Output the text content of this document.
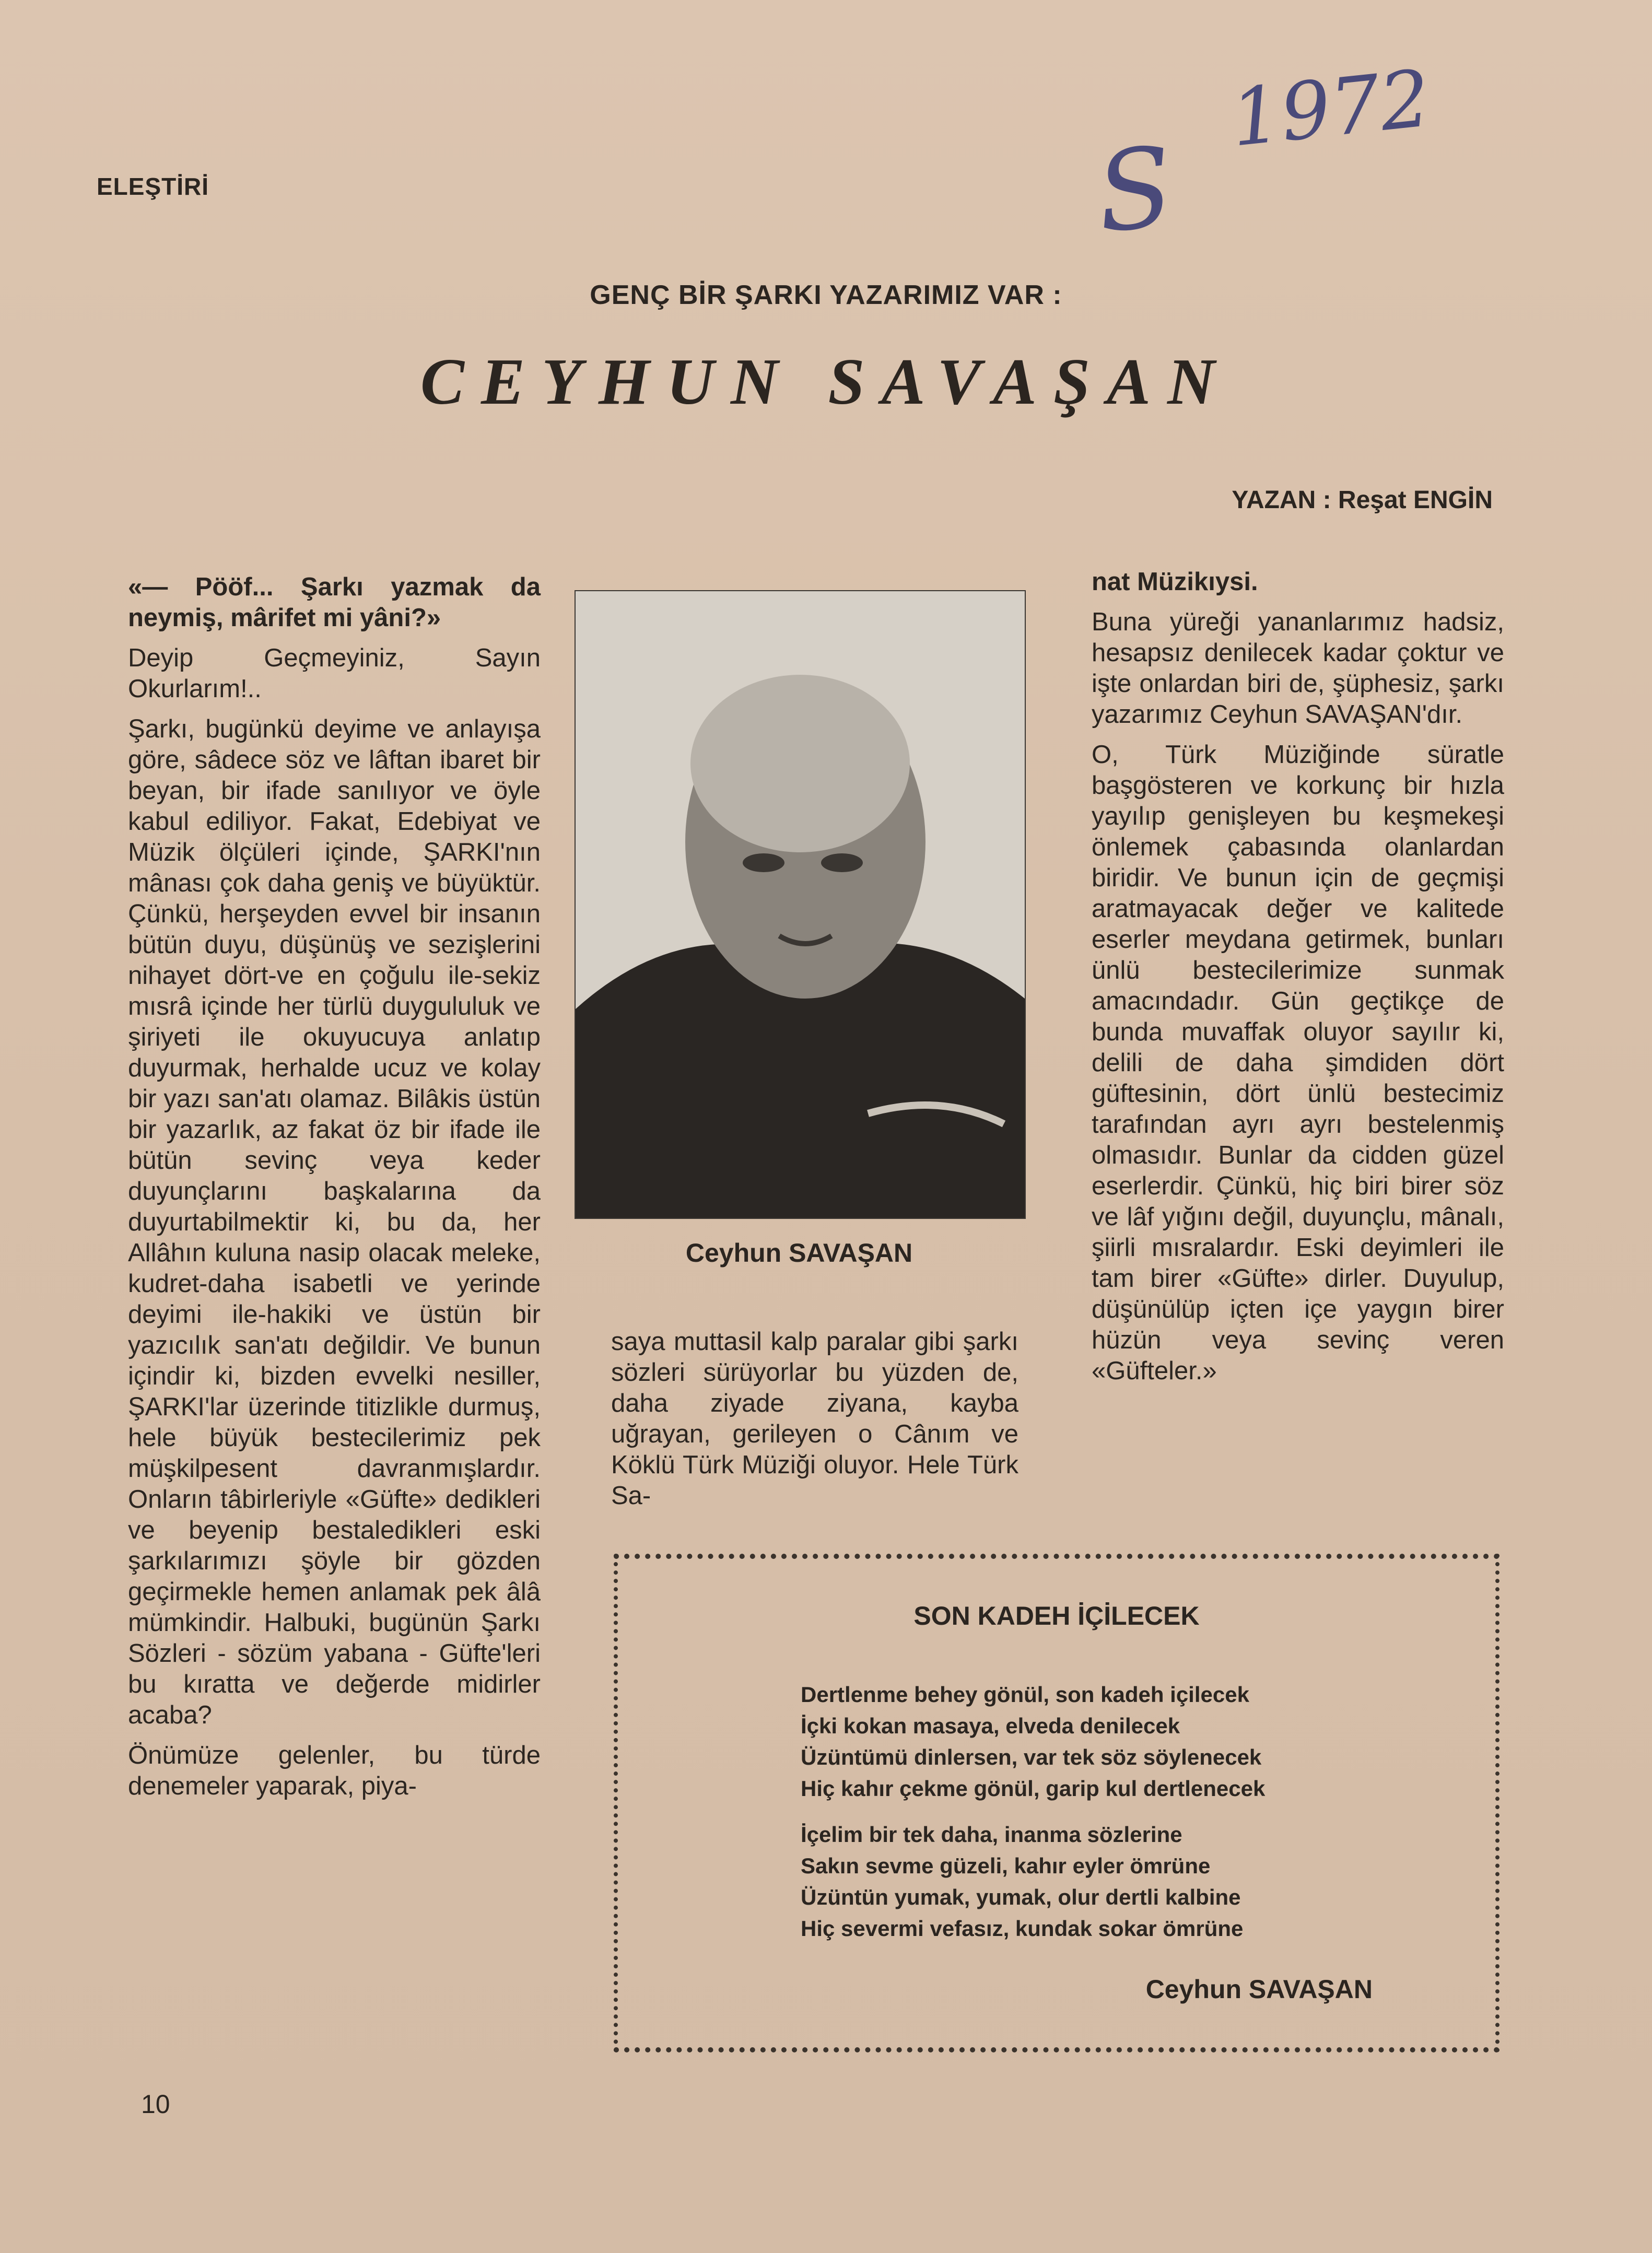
ELEŞTİRİ	S
1972
GENÇ BİR ŞARKI YAZARIMIZ VAR :
CEYHUN SAVAŞAN
YAZAN : Reşat ENGİN

«— Pööf... Şarkı yazmak da neymiş, mârifet mi yâni?»

Deyip Geçmeyiniz, Sayın Okurlarım!..

Şarkı, bugünkü deyime ve anlayışa göre, sâdece söz ve lâftan ibaret bir beyan, bir ifade sanılıyor ve öyle kabul ediliyor. Fakat, Edebiyat ve Müzik ölçüleri içinde, ŞARKI'nın mânası çok daha geniş ve büyüktür. Çünkü, herşeyden evvel bir insanın bütün duyu, düşünüş ve sezişlerini nihayet dört-ve en çoğulu ile-sekiz mısrâ içinde her türlü duygululuk ve şiriyeti ile okuyucuya anlatıp duyurmak, herhalde ucuz ve kolay bir yazı san'atı olamaz. Bilâkis üstün bir yazarlık, az fakat öz bir ifade ile bütün sevinç veya keder duyunçlarını başkalarına da duyurtabilmektir ki, bu da, her Allâhın kuluna nasip olacak meleke, kudret-daha isabetli ve yerinde deyimi ile-hakiki ve üstün bir yazıcılık san'atı değildir. Ve bunun içindir ki, bizden evvelki nesiller, ŞARKI'lar üzerinde titizlikle durmuş, hele büyük bestecilerimiz pek müşkilpesent davranmışlardır. Onların tâbirleriyle «Güfte» dedikleri ve beyenip bestaledikleri eski şarkılarımızı şöyle bir gözden geçirmekle hemen anlamak pek âlâ mümkindir. Halbuki, bugünün Şarkı Sözleri - sözüm yabana - Güfte'leri bu kıratta ve değerde midirler acaba?

Önümüze gelenler, bu türde denemeler yaparak, piya-

Ceyhun SAVAŞAN

saya muttasil kalp paralar gibi şarkı sözleri sürüyorlar bu yüzden de, daha ziyade ziyana, kayba uğrayan, gerileyen o Cânım ve Köklü Türk Müziği oluyor. Hele Türk Sa-

nat Müzikıysi.

Buna yüreği yananlarımız hadsiz, hesapsız denilecek kadar çoktur ve işte onlardan biri de, şüphesiz, şarkı yazarımız Ceyhun SAVAŞAN'dır.

O, Türk Müziğinde süratle başgösteren ve korkunç bir hızla yayılıp genişleyen bu keşmekeşi önlemek çabasında olanlardan biridir. Ve bunun için de geçmişi aratmayacak değer ve kalitede eserler meydana getirmek, bunları ünlü bestecilerimize sunmak amacındadır. Gün geçtikçe de bunda muvaffak oluyor sayılır ki, delili de daha şimdiden dört güftesinin, dört ünlü bestecimiz tarafından ayrı ayrı bestelenmiş olmasıdır. Bunlar da cidden güzel eserlerdir. Çünkü, hiç biri birer söz ve lâf yığını değil, duyunçlu, mânalı, şiirli mısralardır. Eski deyimleri ile tam birer «Güfte» dirler. Duyulup, düşünülüp içten içe yaygın birer hüzün veya sevinç veren «Güfteler.»

SON KADEH İÇİLECEK
Dertlenme behey gönül, son kadeh içilecek
İçki kokan masaya, elveda denilecek
Üzüntümü dinlersen, var tek söz söylenecek
Hiç kahır çekme gönül, garip kul dertlenecek
İçelim bir tek daha, inanma sözlerine
Sakın sevme güzeli, kahır eyler ömrüne
Üzüntün yumak, yumak, olur dertli kalbine
Hiç severmi vefasız, kundak sokar ömrüne
Ceyhun SAVAŞAN
10
